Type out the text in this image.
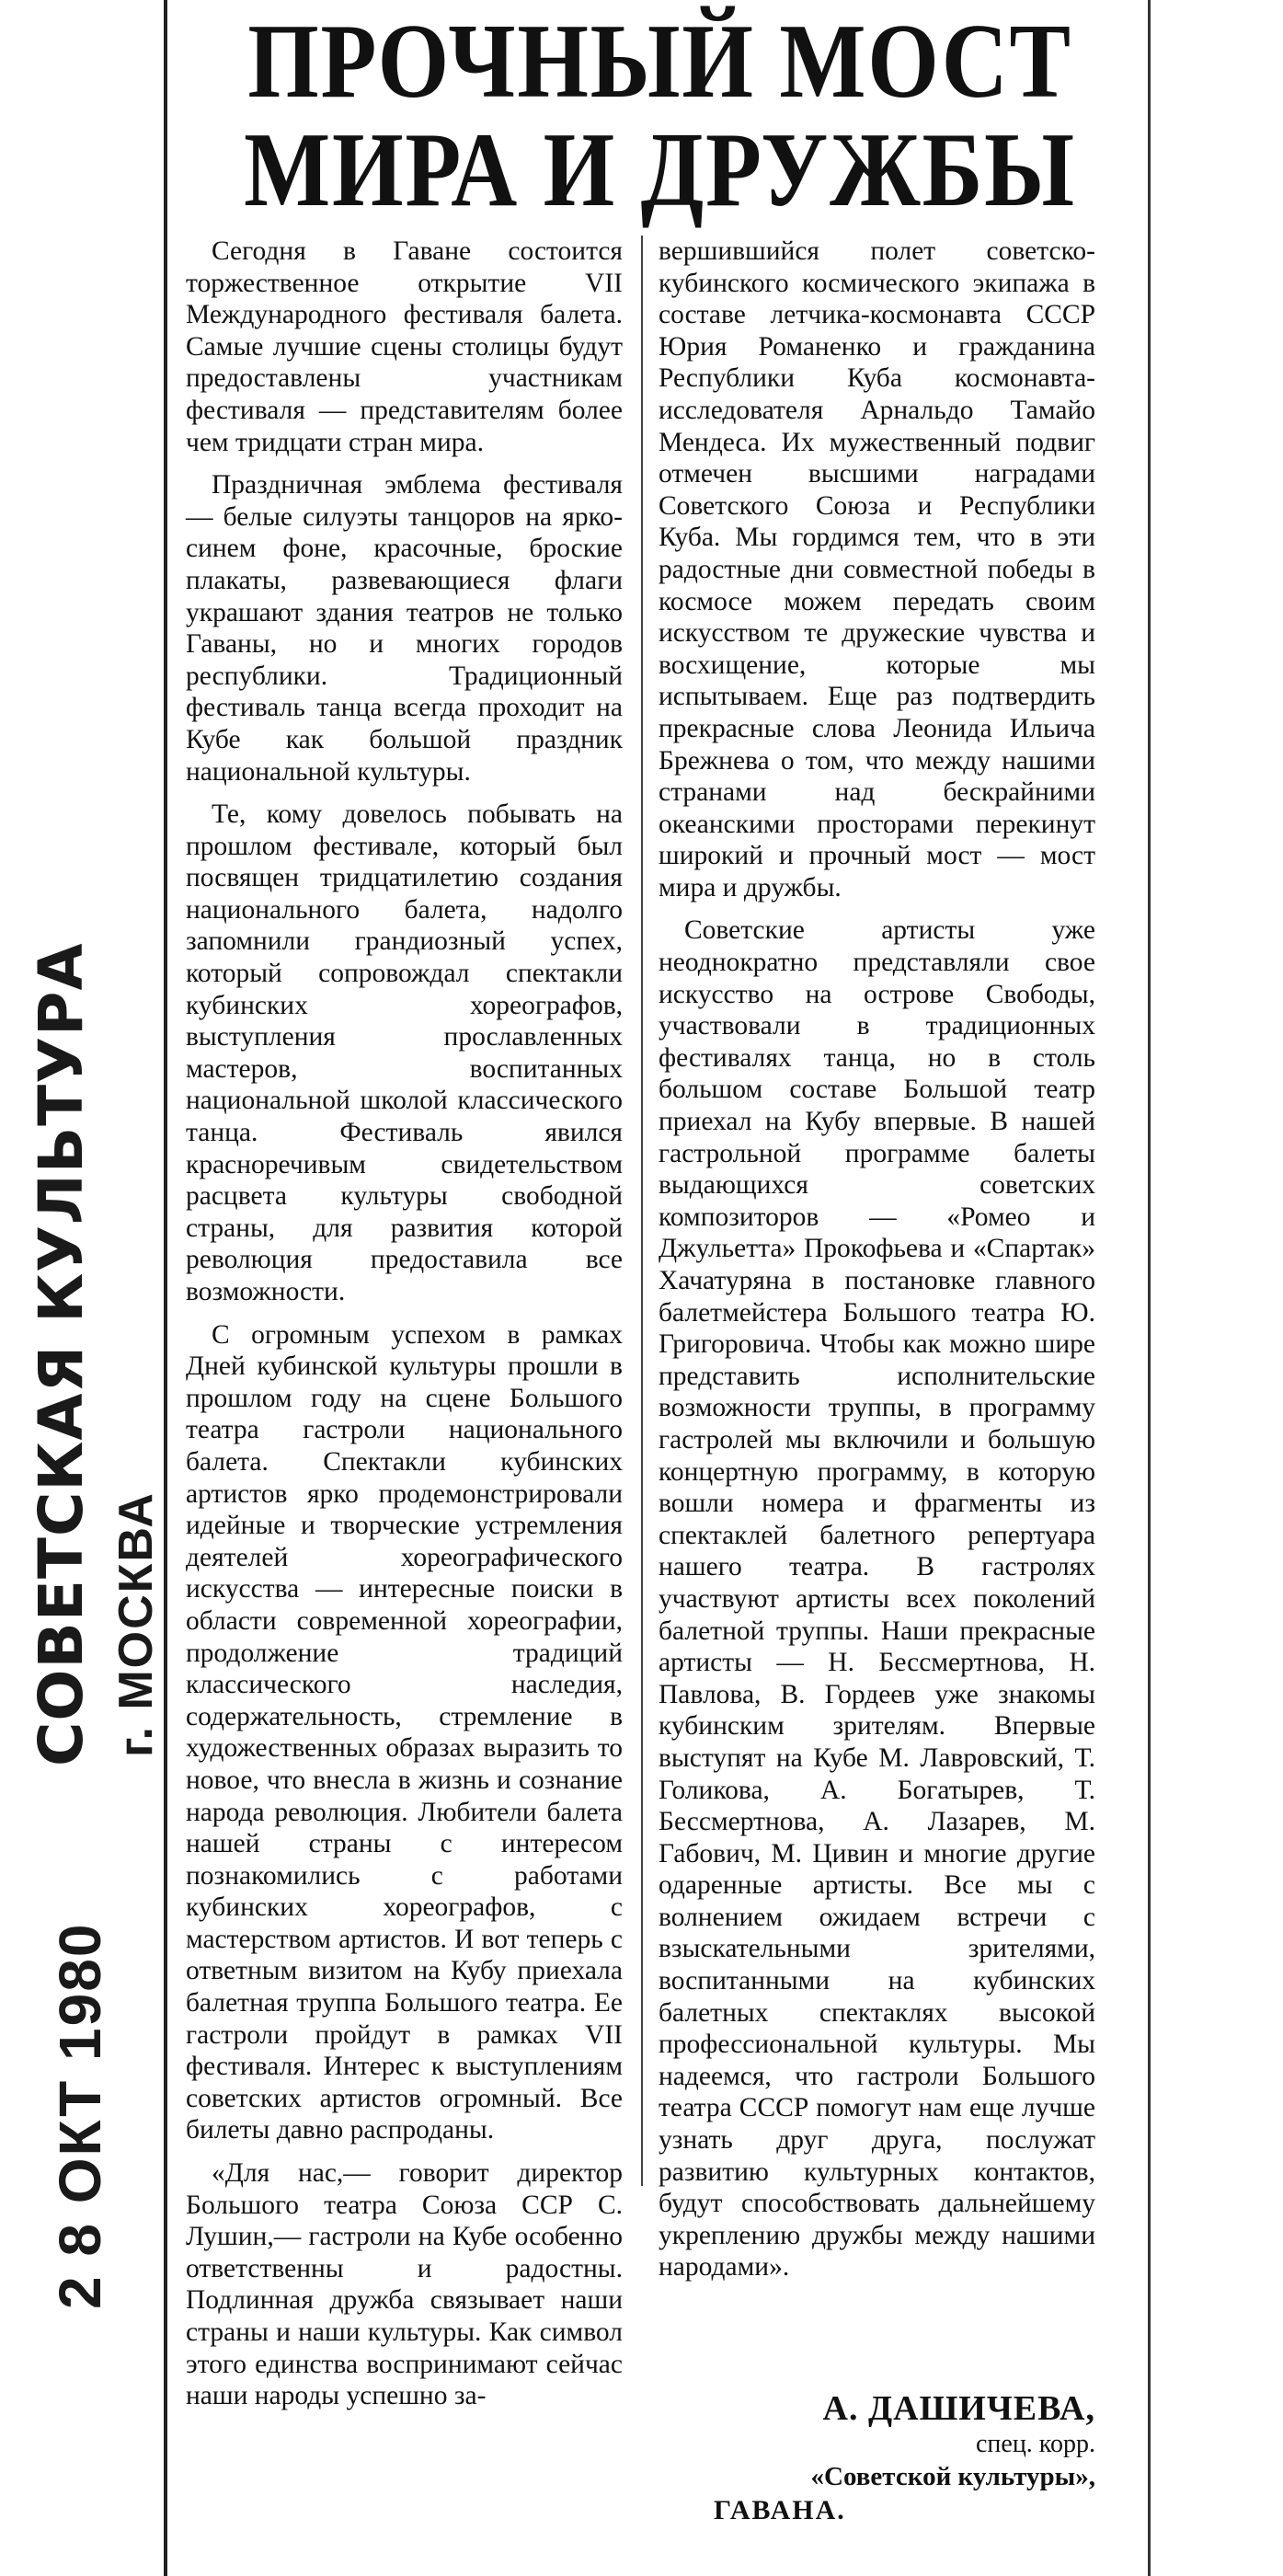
2 8 ОКТ 1980
СОВЕТСКАЯ КУЛЬТУРА г. МОСКВА
ПРОЧНЫЙ МОСТ
МИРА И ДРУЖБЫ

Сегодня в Гаване состоится торжественное открытие VII Международного фестиваля балета. Самые лучшие сцены столицы будут предоставлены участникам фестиваля — представителям более чем тридцати стран мира.

Праздничная эмблема фестиваля — белые силуэты танцоров на ярко-синем фоне, красочные, броские плакаты, развевающиеся флаги украшают здания театров не только Гаваны, но и многих городов республики. Традиционный фестиваль танца всегда проходит на Кубе как большой праздник национальной культуры.

Те, кому довелось побывать на прошлом фестивале, который был посвящен тридцатилетию создания национального балета, надолго запомнили грандиозный успех, который сопровождал спектакли кубинских хореографов, выступления прославленных мастеров, воспитанных национальной школой классического танца. Фестиваль явился красноречивым свидетельством расцвета культуры свободной страны, для развития которой революция предоставила все возможности.

С огромным успехом в рамках Дней кубинской культуры прошли в прошлом году на сцене Большого театра гастроли национального балета. Спектакли кубинских артистов ярко продемонстрировали идейные и творческие устремления деятелей хореографического искусства — интересные поиски в области современной хореографии, продолжение традиций классического наследия, содержательность, стремление в художественных образах выразить то новое, что внесла в жизнь и сознание народа революция. Любители балета нашей страны с интересом познакомились с работами кубинских хореографов, с мастерством артистов. И вот теперь с ответным визитом на Кубу приехала балетная труппа Большого театра. Ее гастроли пройдут в рамках VII фестиваля. Интерес к выступлениям советских артистов огромный. Все билеты давно распроданы.

«Для нас,— говорит директор Большого театра Союза ССР С. Лушин,— гастроли на Кубе особенно ответственны и радостны. Подлинная дружба связывает наши страны и наши культуры. Как символ этого единства воспринимают сейчас наши народы успешно за-

вершившийся полет советско-кубинского космического экипажа в составе летчика-космонавта СССР Юрия Романенко и гражданина Республики Куба космонавта-исследователя Арнальдо Тамайо Мендеса. Их мужественный подвиг отмечен высшими наградами Советского Союза и Республики Куба. Мы гордимся тем, что в эти радостные дни совместной победы в космосе можем передать своим искусством те дружеские чувства и восхищение, которые мы испытываем. Еще раз подтвердить прекрасные слова Леонида Ильича Брежнева о том, что между нашими странами над бескрайними океанскими просторами перекинут широкий и прочный мост — мост мира и дружбы.

Советские артисты уже неоднократно представляли свое искусство на острове Свободы, участвовали в традиционных фестивалях танца, но в столь большом составе Большой театр приехал на Кубу впервые. В нашей гастрольной программе балеты выдающихся советских композиторов — «Ромео и Джульетта» Прокофьева и «Спартак» Хачатуряна в постановке главного балетмейстера Большого театра Ю. Григоровича. Чтобы как можно шире представить исполнительские возможности труппы, в программу гастролей мы включили и большую концертную программу, в которую вошли номера и фрагменты из спектаклей балетного репертуара нашего театра. В гастролях участвуют артисты всех поколений балетной труппы. Наши прекрасные артисты — Н. Бессмертнова, Н. Павлова, В. Гордеев уже знакомы кубинским зрителям. Впервые выступят на Кубе М. Лавровский, Т. Голикова, А. Богатырев, Т. Бессмертнова, А. Лазарев, М. Габович, М. Цивин и многие другие одаренные артисты. Все мы с волнением ожидаем встречи с взыскательными зрителями, воспитанными на кубинских балетных спектаклях высокой профессиональной культуры. Мы надеемся, что гастроли Большого театра СССР помогут нам еще лучше узнать друг друга, послужат развитию культурных контактов, будут способствовать дальнейшему укреплению дружбы между нашими народами».

А. ДАШИЧЕВА,
спец. корр.
«Советской культуры»,
ГАВАНА.
